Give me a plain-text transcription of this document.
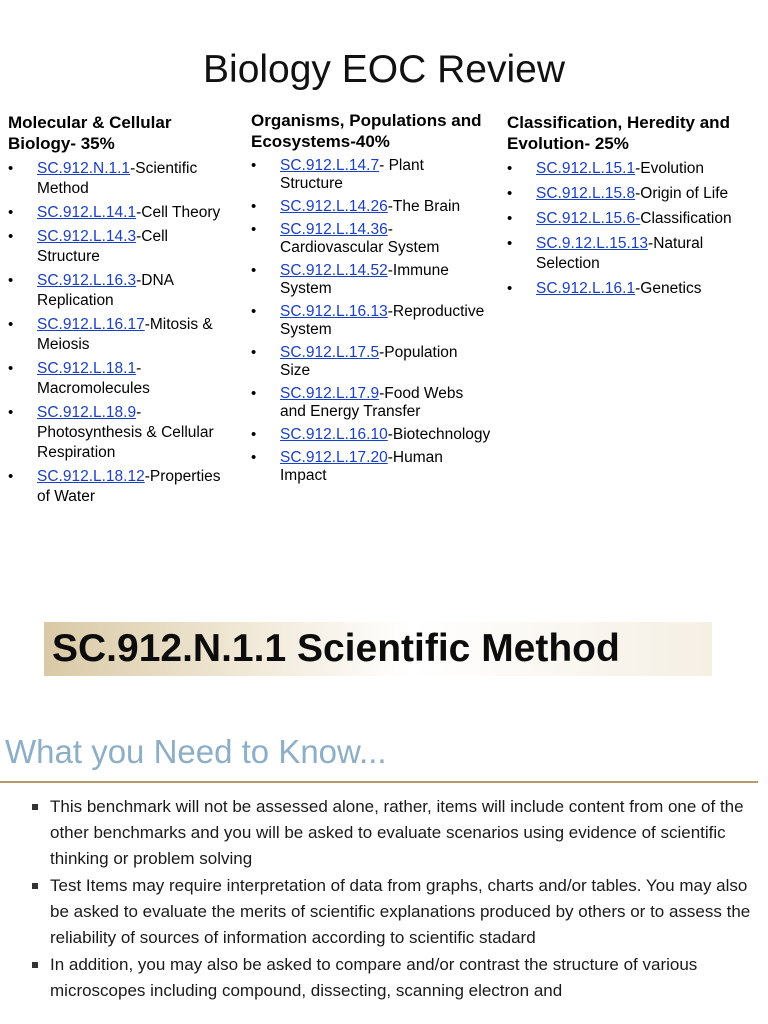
Biology EOC Review
Molecular & Cellular Biology- 35%
• SC.912.N.1.1-Scientific Method
• SC.912.L.14.1-Cell Theory
• SC.912.L.14.3-Cell Structure
• SC.912.L.16.3-DNA Replication
• SC.912.L.16.17-Mitosis & Meiosis
• SC.912.L.18.1-Macromolecules
• SC.912.L.18.9-Photosynthesis & Cellular Respiration
• SC.912.L.18.12-Properties of Water
Organisms, Populations and Ecosystems-40%
• SC.912.L.14.7- Plant Structure
• SC.912.L.14.26-The Brain
• SC.912.L.14.36-Cardiovascular System
• SC.912.L.14.52-Immune System
• SC.912.L.16.13-Reproductive System
• SC.912.L.17.5-Population Size
• SC.912.L.17.9-Food Webs and Energy Transfer
• SC.912.L.16.10-Biotechnology
• SC.912.L.17.20-Human Impact
Classification, Heredity and Evolution- 25%
• SC.912.L.15.1-Evolution
• SC.912.L.15.8-Origin of Life
• SC.912.L.15.6-Classification
• SC.9.12.L.15.13-Natural Selection
• SC.912.L.16.1-Genetics
SC.912.N.1.1 Scientific Method
What you Need to Know...
This benchmark will not be assessed alone, rather, items will include content from one of the other benchmarks and you will be asked to evaluate scenarios using evidence of scientific thinking or problem solving
Test Items may require interpretation of data from graphs, charts and/or tables. You may also be asked to evaluate the merits of scientific explanations produced by others or to assess the reliability of sources of information according to scientific stadard
In addition, you may also be asked to compare and/or contrast the structure of various microscopes including compound, dissecting, scanning electron and
